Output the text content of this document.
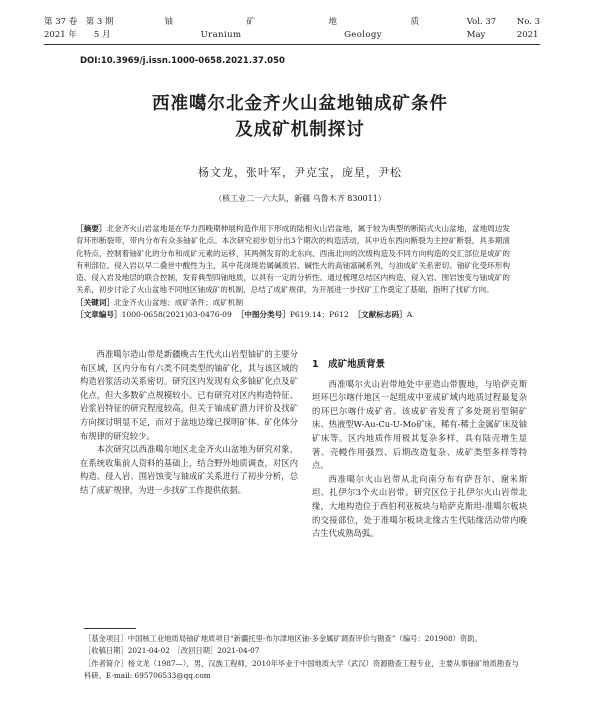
第 37 卷　第 3 期
2021 年　　5 月
铀	矿	地	质
Uranium	Geology
Vol. 37 No. 3
May	2021
DOI:10.3969/j.issn.1000-0658.2021.37.050
西准噶尔北金齐火山盆地铀成矿条件
及成矿机制探讨
杨文龙，张叶军，尹克宝，庞星，尹松
（核工业二一六大队，新疆 乌鲁木齐 830011）

［摘要］北金齐火山岩盆地是在华力西晚期伸展构造作用下形成的陆相火山岩盆地，属于较为典型的断陷式火山盆地，盆地周边发育环形断裂带，带内分布有众多铀矿化点。本次研究初步划分出3个期次的构造活动，其中近东西向断裂为主控矿断裂，具多期演化特点，控制着铀矿化的分布和成矿元素的运移，其两侧发育的北东向、西南北向的次级构造及不同方向构造的交汇部位是成矿的有利部位。侵入岩以早二叠世中酸性为主，其中花岗斑岩属碱质岩、碱性大的高铀富碱系列，与油成矿关系密切。铀矿化受环形构造、侵入岩及地层的联合控制，发育典型四铀地质，以具有一定的分析性。通过梳理总结区内构造、侵入岩、围岩蚀变与铀成矿的关系，初步讨论了火山盆地不同地区铀成矿的机制，总结了成矿规律，为开展进一步找矿工作奠定了基础，指明了找矿方向。

［关键词］北金齐火山盆地；成矿条件；成矿机制

［文章编号］1000-0658(2021)03-0476-09 ［中图分类号］P619.14；P612 ［文献标志码］A

西准噶尔造山带是新疆晚古生代火山岩型铀矿的主要分布区域，区内分布有六类不同类型的铀矿化，其与该区域的构造岩浆活动关系密切。研究区内发现有众多铀矿化点及矿化点，但大多数矿点规模较小。已有研究对区内构造特征、岩浆岩特征的研究程度较高，但关于铀成矿潜力评价及找矿方向探讨明显不足，而对于盆地边缘已探明矿体、矿化体分布规律的研究较少。

本次研究以西准噶尔地区北金齐火山盆地为研究对象，在系统收集前人资料的基础上，结合野外地质调查，对区内构造、侵入岩、围岩蚀变与铀成矿关系进行了初步分析，总结了成矿规律，为进一步找矿工作提供依据。

1　成矿地质背景

西准噶尔火山岩带地处中亚造山带腹地，与哈萨克斯坦环巴尔喀什地区一起组成中亚成矿域内地质过程最复杂的环巴尔喀什成矿省。该成矿省发育了多处斑岩型铜矿床、热液型W-Au-Cu-U-Mo矿床，稀有-稀土金属矿床及铀矿床等。区内地质作用极其复杂多样，具有陆壳增生显著、壳幔作用强烈、后期改造复杂、成矿类型多样等特点。

西准噶尔火山岩带从北向南分布有萨吾尔、谢米斯坦、扎伊尔3个火山岩带。研究区位于扎伊尔火山岩带北缘，大地构造位于西伯利亚板块与哈萨克斯坦-准噶尔板块的交接部位，处于准噶尔板块北缘古生代陆缘活动带内晚古生代成熟岛弧。

［基金项目］中国核工业地质局铀矿地质项目“新疆托里-布尔津地区铀-多金属矿调查评价与勘查”（编号：201908）资助。

［收稿日期］2021-04-02　［改回日期］2021-04-07

［作者简介］杨文龙（1987—），男，汉族工程师，2010年毕业于中国地质大学（武汉）资源勘查工程专业，主要从事铀矿地质勘查与科研。E-mail: 695706533@qq.com
